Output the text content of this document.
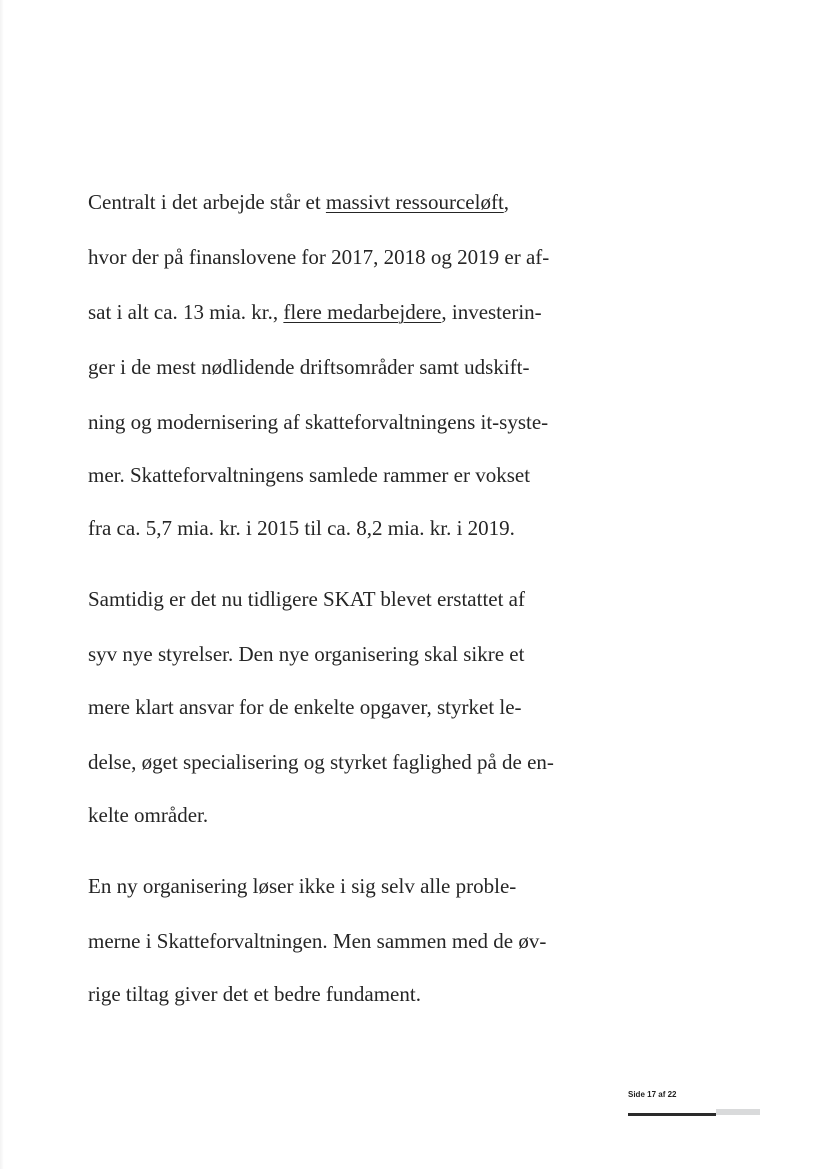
Centralt i det arbejde står et massivt ressourceløft,
hvor der på finanslovene for 2017, 2018 og 2019 er af-
sat i alt ca. 13 mia. kr., flere medarbejdere, investerin-
ger i de mest nødlidende driftsområder samt udskift-
ning og modernisering af skatteforvaltningens it-syste-
mer. Skatteforvaltningens samlede rammer er vokset
fra ca. 5,7 mia. kr. i 2015 til ca. 8,2 mia. kr. i 2019.
Samtidig er det nu tidligere SKAT blevet erstattet af
syv nye styrelser. Den nye organisering skal sikre et
mere klart ansvar for de enkelte opgaver, styrket le-
delse, øget specialisering og styrket faglighed på de en-
kelte områder.
En ny organisering løser ikke i sig selv alle proble-
merne i Skatteforvaltningen. Men sammen med de øv-
rige tiltag giver det et bedre fundament.
Side 17 af 22
